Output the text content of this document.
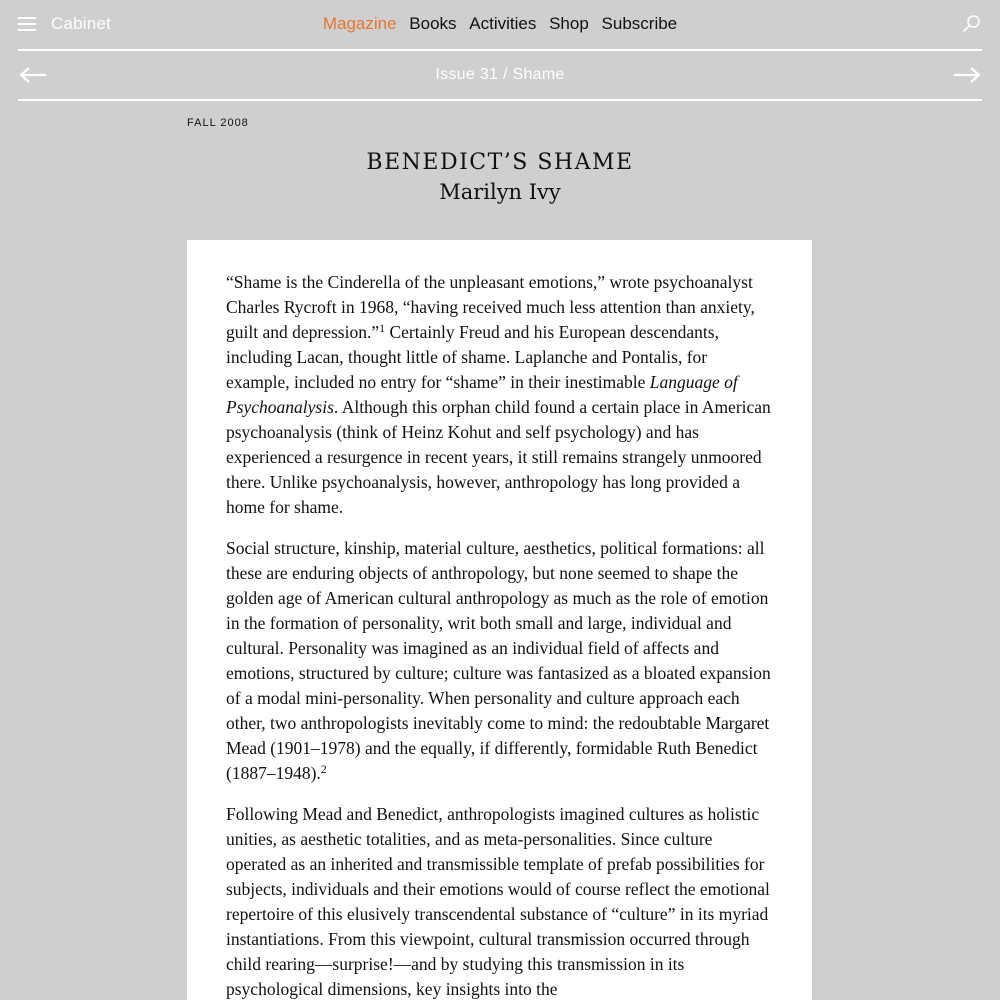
Cabinet	Magazine Books Activities Shop Subscribe
Issue 31 / Shame
FALL 2008
BENEDICT’S SHAME
Marilyn Ivy

“Shame is the Cinderella of the unpleasant emotions,” wrote psychoanalyst Charles Rycroft in 1968, “having received much less attention than anxiety, guilt and depression.”$^1$ Certainly Freud and his European descendants, including Lacan, thought little of shame. Laplanche and Pontalis, for example, included no entry for “shame” in their inestimable Language of Psychoanalysis. Although this orphan child found a certain place in American psychoanalysis (think of Heinz Kohut and self psychology) and has experienced a resurgence in recent years, it still remains strangely unmoored there. Unlike psychoanalysis, however, anthropology has long provided a home for shame.

Social structure, kinship, material culture, aesthetics, political formations: all these are enduring objects of anthropology, but none seemed to shape the golden age of American cultural anthropology as much as the role of emotion in the formation of personality, writ both small and large, individual and cultural. Personality was imagined as an individual field of affects and emotions, structured by culture; culture was fantasized as a bloated expansion of a modal mini-personality. When personality and culture approach each other, two anthropologists inevitably come to mind: the redoubtable Margaret Mead (1901–1978) and the equally, if differently, formidable Ruth Benedict (1887–1948).$^2$

Following Mead and Benedict, anthropologists imagined cultures as holistic unities, as aesthetic totalities, and as meta-personalities. Since culture operated as an inherited and transmissible template of prefab possibilities for subjects, individuals and their emotions would of course reflect the emotional repertoire of this elusively transcendental substance of “culture” in its myriad instantiations. From this viewpoint, cultural transmission occurred through child rearing—surprise!—and by studying this transmission in its psychological dimensions, key insights into the
